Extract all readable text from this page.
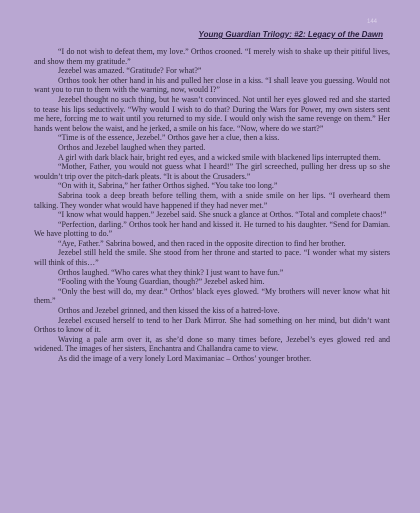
144
Young Guardian Trilogy: #2: Legacy of the Dawn

“I do not wish to defeat them, my love.” Orthos crooned. “I merely wish to shake up their pitiful lives, and show them my gratitude.”

Jezebel was amazed. “Gratitude? For what?”

Orthos took her other hand in his and pulled her close in a kiss. “I shall leave you guessing. Would not want you to run to them with the warning, now, would I?”

Jezebel thought no such thing, but he wasn’t convinced. Not until her eyes glowed red and she started to tease his lips seductively. “Why would I wish to do that? During the Wars for Power, my own sisters sent me here, forcing me to wait until you returned to my side. I would only wish the same revenge on them.” Her hands went below the waist, and he jerked, a smile on his face. “Now, where do we start?”

“Time is of the essence, Jezebel.” Orthos gave her a clue, then a kiss.

Orthos and Jezebel laughed when they parted.

A girl with dark black hair, bright red eyes, and a wicked smile with blackened lips interrupted them.

“Mother, Father, you would not guess what I heard!” The girl screeched, pulling her dress up so she wouldn’t trip over the pitch-dark pleats. “It is about the Crusaders.”

“On with it, Sabrina,” her father Orthos sighed. “You take too long.”

Sabrina took a deep breath before telling them, with a snide smile on her lips. “I overheard them talking. They wonder what would have happened if they had never met.”

“I know what would happen.” Jezebel said. She snuck a glance at Orthos. “Total and complete chaos!”

“Perfection, darling.” Orthos took her hand and kissed it. He turned to his daughter. “Send for Damian. We have plotting to do.”

“Aye, Father.” Sabrina bowed, and then raced in the opposite direction to find her brother.

Jezebel still held the smile. She stood from her throne and started to pace. “I wonder what my sisters will think of this…”

Orthos laughed. “Who cares what they think? I just want to have fun.”

“Fooling with the Young Guardian, though?” Jezebel asked him.

“Only the best will do, my dear.” Orthos’ black eyes glowed. “My brothers will never know what hit them.”

Orthos and Jezebel grinned, and then kissed the kiss of a hatred-love.

Jezebel excused herself to tend to her Dark Mirror. She had something on her mind, but didn’t want Orthos to know of it.

Waving a pale arm over it, as she’d done so many times before, Jezebel’s eyes glowed red and widened. The images of her sisters, Enchantra and Challandra came to view.

As did the image of a very lonely Lord Maximaniac – Orthos’ younger brother.
